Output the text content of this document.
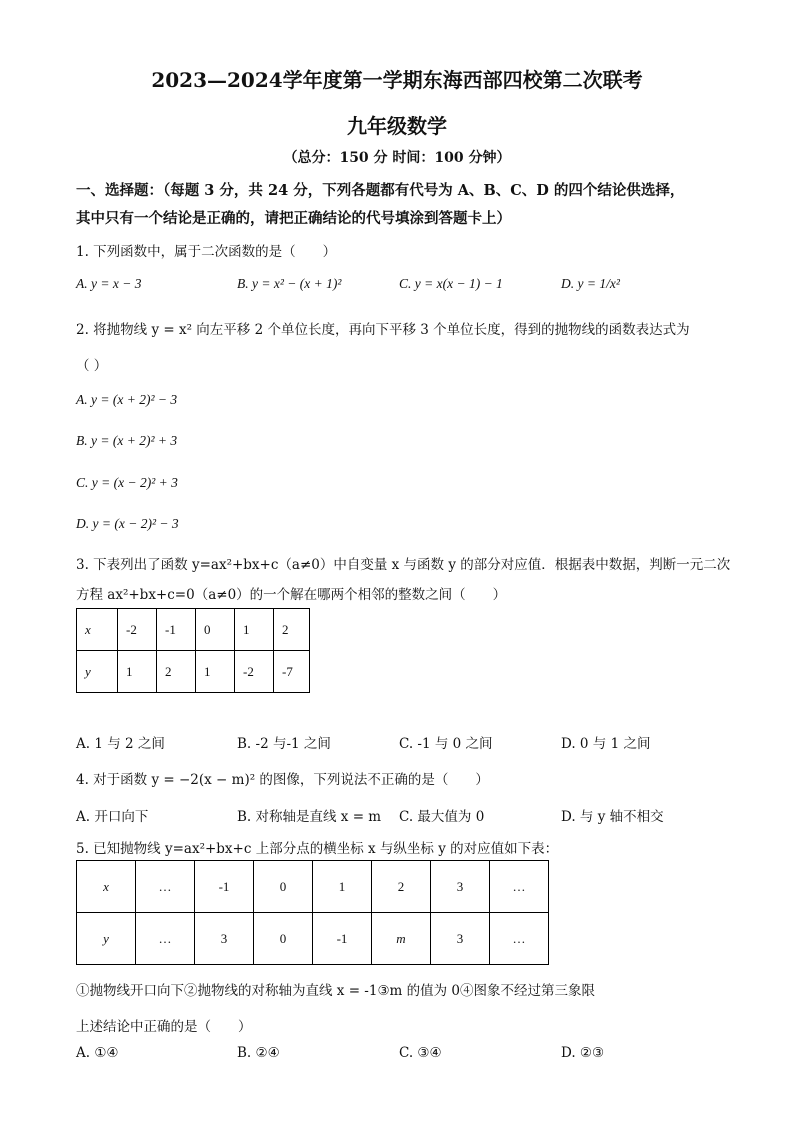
2023—2024学年度第一学期东海西部四校第二次联考
九年级数学
（总分：150 分 时间：100 分钟）
一、选择题：（每题 3 分，共 24 分，下列各题都有代号为 A、B、C、D 的四个结论供选择，
其中只有一个结论是正确的，请把正确结论的代号填涂到答题卡上）
1. 下列函数中，属于二次函数的是（　　）
A. y = x − 3	B. y = x² − (x + 1)²	C. y = x(x − 1) − 1	D. y = 1/x²
2. 将抛物线 y = x² 向左平移 2 个单位长度，再向下平移 3 个单位长度，得到的抛物线的函数表达式为
（ ）
A. y = (x + 2)² − 3
B. y = (x + 2)² + 3
C. y = (x − 2)² + 3
D. y = (x − 2)² − 3
3. 下表列出了函数 y=ax²+bx+c（a≠0）中自变量 x 与函数 y 的部分对应值．根据表中数据，判断一元二次
方程 ax²+bx+c=0（a≠0）的一个解在哪两个相邻的整数之间（　　）
x	-2	-1	0	1	2
y	1	2	1	-2	-7
A. 1 与 2 之间	B. -2 与-1 之间	C. -1 与 0 之间	D. 0 与 1 之间
4. 对于函数 y = −2(x − m)² 的图像，下列说法不正确的是（　　）
A. 开口向下	B. 对称轴是直线 x = m C. 最大值为 0	D. 与 y 轴不相交
5. 已知抛物线 y=ax²+bx+c 上部分点的横坐标 x 与纵坐标 y 的对应值如下表：
x	…	-1	0	1	2	3	…
y	…	3	0	-1	m	3	…
①抛物线开口向下②抛物线的对称轴为直线 x = -1③m 的值为 0④图象不经过第三象限
上述结论中正确的是（　　）
A. ①④	B. ②④	C. ③④	D. ②③
